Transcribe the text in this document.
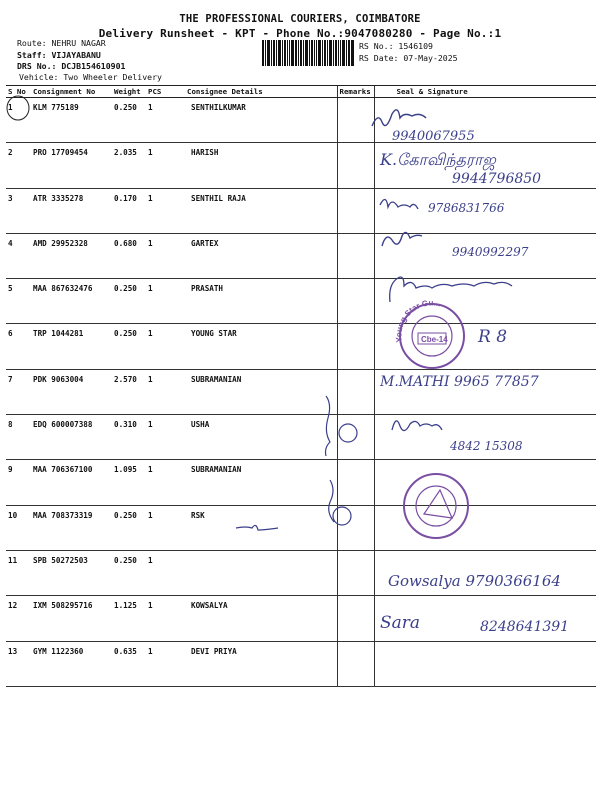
THE PROFESSIONAL COURIERS, COIMBATORE
Delivery Runsheet - KPT - Phone No.:9047080280 - Page No.:1
Route: NEHRU NAGAR
Staff: VIJAYABANU
DRS No.: DCJB154610901
Vehicle: Two Wheeler Delivery
RS No.: 1546109
RS Date: 07-May-2025
S No	Consignment No	Weight	PCS	Consignee Details	Remarks	Seal & Signature
1	KLM 775189	0.250	1	SENTHILKUMAR		
2	PRO 17709454	2.035	1	HARISH		
3	ATR 3335278	0.170	1	SENTHIL RAJA		
4	AMD 29952328	0.680	1	GARTEX		
5	MAA 867632476	0.250	1	PRASATH		
6	TRP 1044281	0.250	1	YOUNG STAR		
7	PDK 9063004	2.570	1	SUBRAMANIAN		
8	EDQ 600007388	0.310	1	USHA		
9	MAA 706367100	1.095	1	SUBRAMANIAN		
10	MAA 708373319	0.250	1	RSK		
11	SPB 50272503	0.250	1			
12	IXM 508295716	1.125	1	KOWSALYA		
13	GYM 1122360	0.635	1	DEVI PRIYA		
9940067955
K.கோவிந்தராஜ
9944796850
9786831766
9940992297
Young Star Gu...
Cbe-14 R 8
M.MATHI 9965 77857
4842 15308
Gowsalya 9790366164
Sara	8248641391
